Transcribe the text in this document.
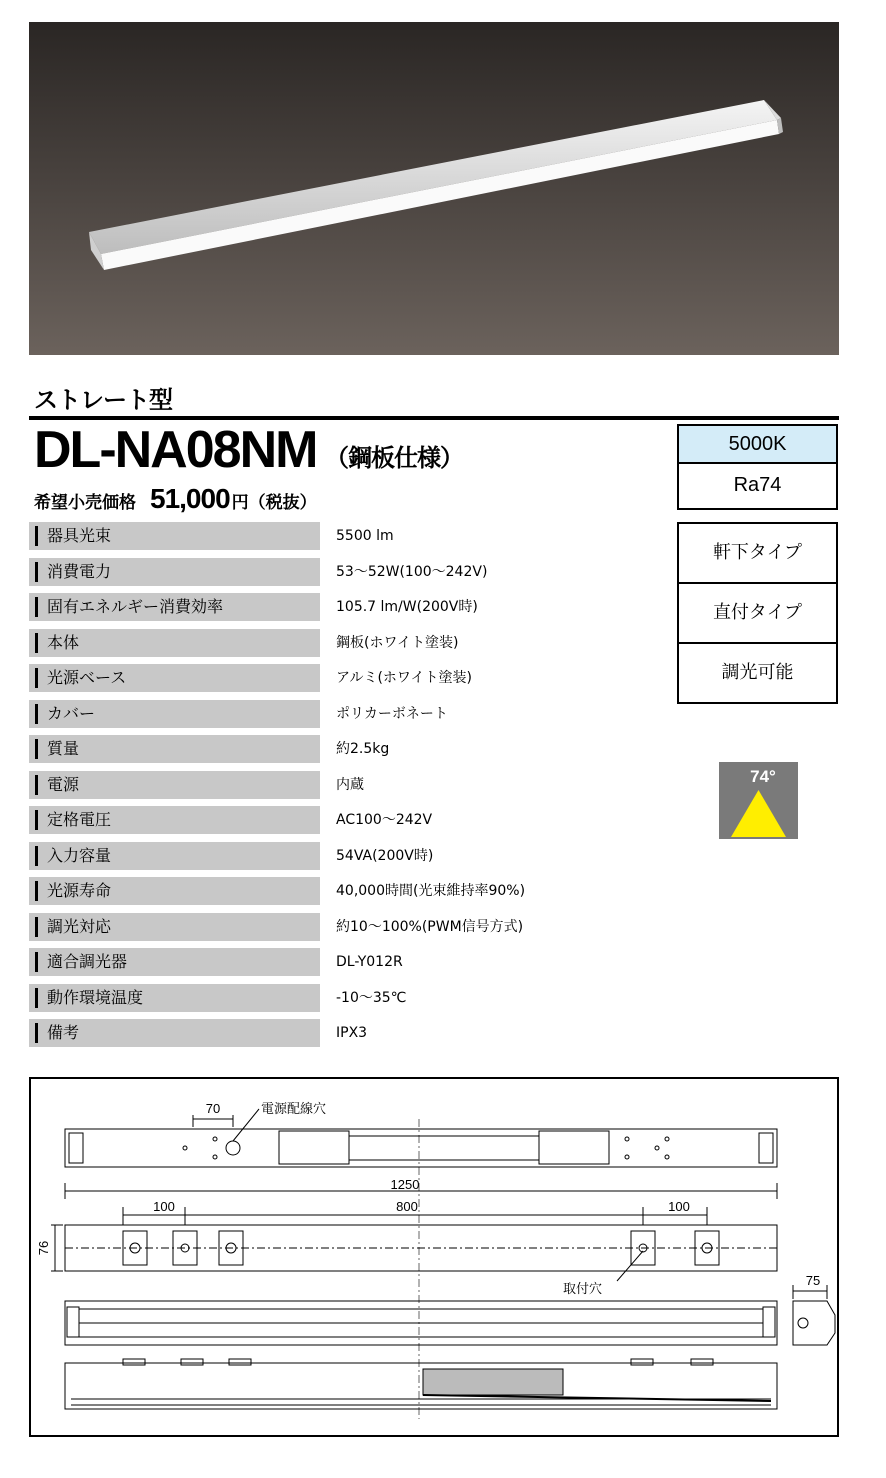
ストレート型
DL-NA08NM （鋼板仕様）
希望小売価格 51,000 円 （税抜）
器具光束	5500 lm
消費電力	53～52W(100～242V)
固有エネルギー消費効率	105.7 lm/W(200V時)
本体	鋼板(ホワイト塗装)
光源ベース	アルミ(ホワイト塗装)
カバー	ポリカーボネート
質量	約2.5kg
電源	内蔵
定格電圧	AC100～242V
入力容量	54VA(200V時)
光源寿命	40,000時間(光束維持率90%)
調光対応	約10～100%(PWM信号方式)
適合調光器	DL-Y012R
動作環境温度	-10～35℃
備考	IPX3
5000K
Ra74
軒下タイプ
直付タイプ
調光可能
74°
70	電源配線穴
1250
100	800	100
76
取付穴
75
